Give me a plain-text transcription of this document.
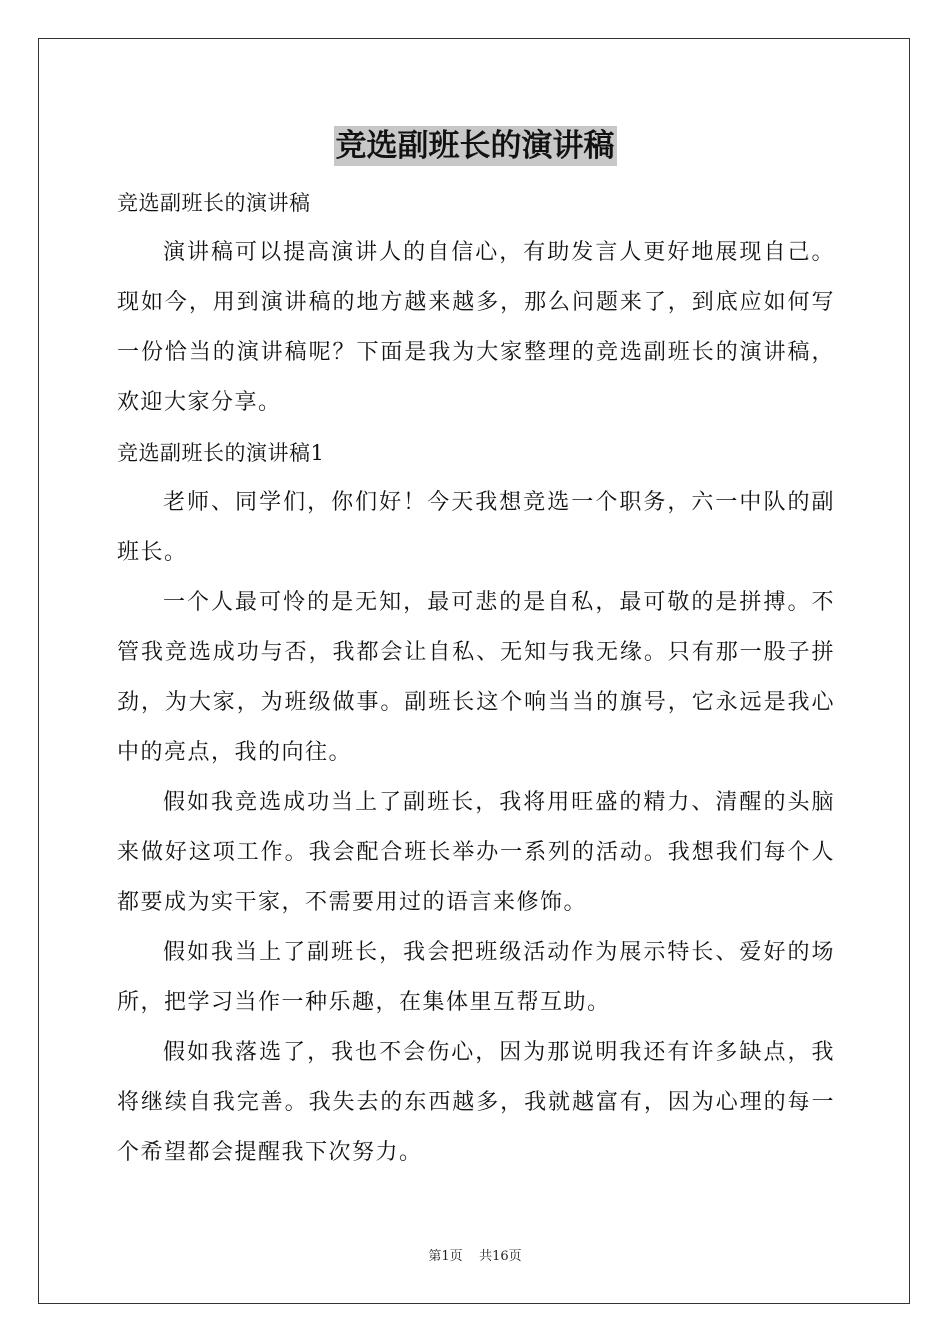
竞选副班长的演讲稿

竞选副班长的演讲稿

演讲稿可以提高演讲人的自信心，有助发言人更好地展现自己。现如今，用到演讲稿的地方越来越多，那么问题来了，到底应如何写一份恰当的演讲稿呢？下面是我为大家整理的竞选副班长的演讲稿，欢迎大家分享。

竞选副班长的演讲稿1

老师、同学们，你们好！今天我想竞选一个职务，六一中队的副班长。

一个人最可怜的是无知，最可悲的是自私，最可敬的是拼搏。不管我竞选成功与否，我都会让自私、无知与我无缘。只有那一股子拼劲，为大家，为班级做事。副班长这个响当当的旗号，它永远是我心中的亮点，我的向往。

假如我竞选成功当上了副班长，我将用旺盛的精力、清醒的头脑来做好这项工作。我会配合班长举办一系列的活动。我想我们每个人都要成为实干家，不需要用过的语言来修饰。

假如我当上了副班长，我会把班级活动作为展示特长、爱好的场所，把学习当作一种乐趣，在集体里互帮互助。

假如我落选了，我也不会伤心，因为那说明我还有许多缺点，我将继续自我完善。我失去的东西越多，我就越富有，因为心理的每一个希望都会提醒我下次努力。

第1页 共16页
